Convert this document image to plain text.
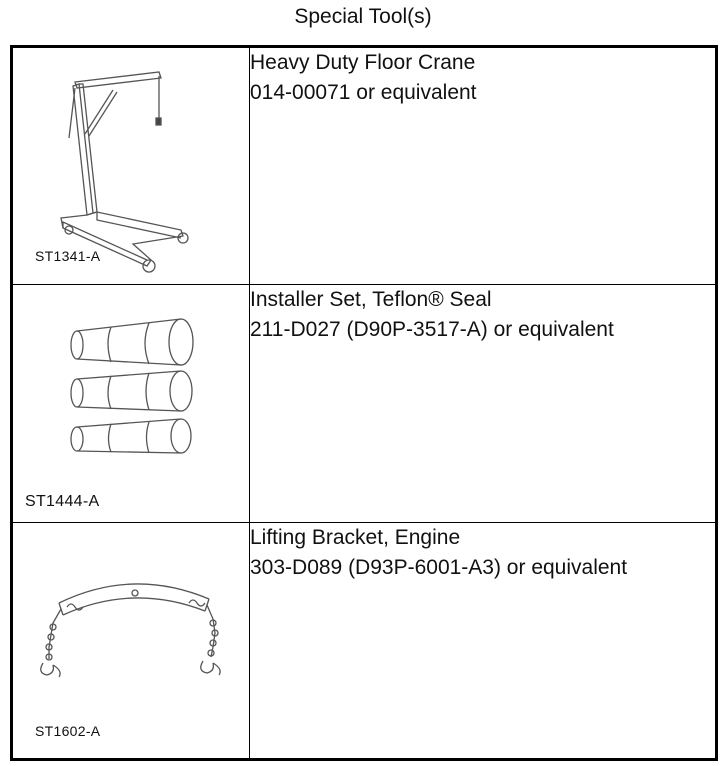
Special Tool(s)
ST1341-A	Heavy Duty Floor Crane
014-00071 or equivalent

ST1444-A	Installer Set, Teflon® Seal
211-D027 (D90P-3517-A) or equivalent

ST1602-A	Lifting Bracket, Engine
303-D089 (D93P-6001-A3) or equivalent
